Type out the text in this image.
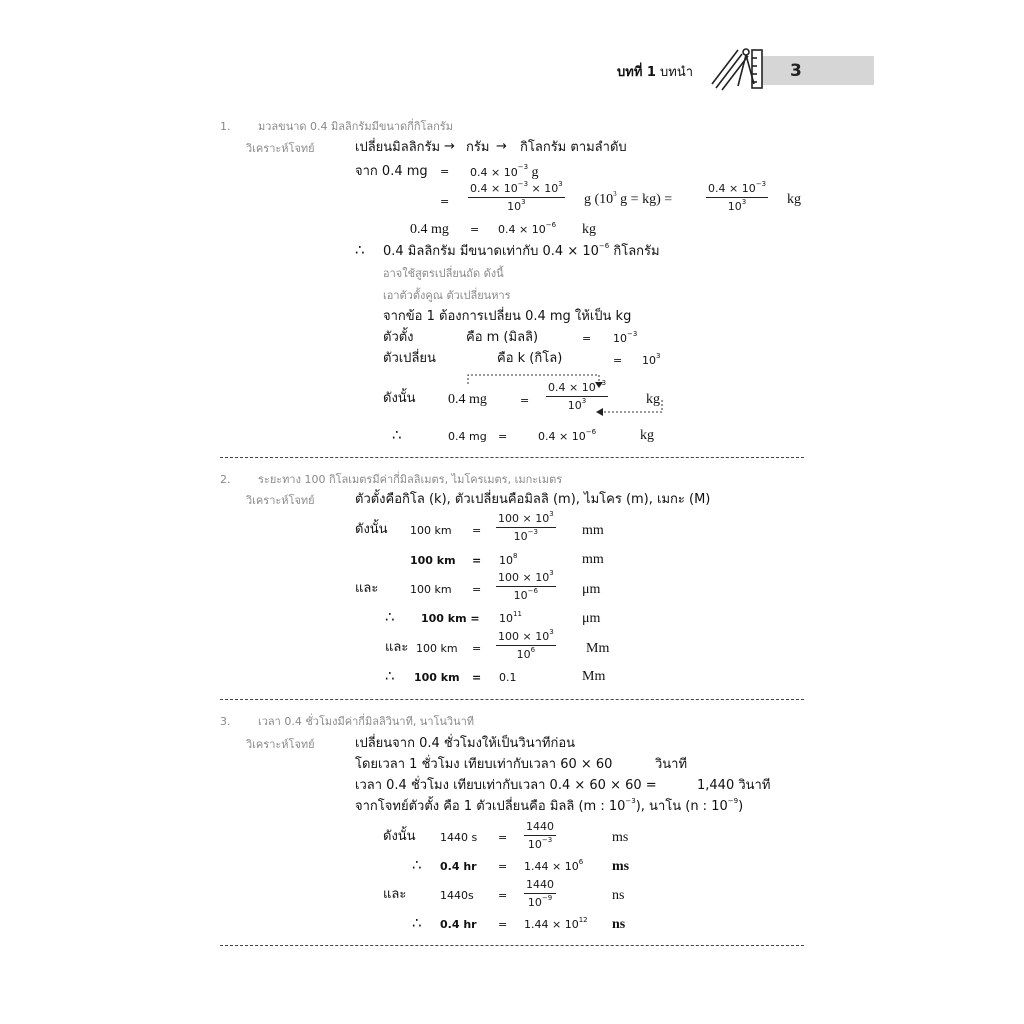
บทที่ 1 บทนำ	3
1.	มวลขนาด 0.4 มิลลิกรัมมีขนาดกี่กิโลกรัม
วิเคราะห์โจทย์	เปลี่ยนมิลลิกรัม → กรัม → กิโลกรัม ตามลำดับ
จาก 0.4 mg = $0.4 \times 10^{-3}$ g
= $\frac{0.4 \times 10^{-3} \times 10^3}{10^3}$ g ($10^3$ g = kg) =	$\frac{0.4 \times 10^{-3}}{10^3}$ kg
0.4 mg = $0.4 \times 10^{-6}$ kg
∴ 0.4 มิลลิกรัม มีขนาดเท่ากับ $0.4 \times 10^{-6}$ กิโลกรัม
อาจใช้สูตรเปลี่ยนถัด ดังนี้
เอาตัวตั้งคูณ ตัวเปลี่ยนหาร
จากข้อ 1 ต้องการเปลี่ยน 0.4 mg ให้เป็น kg
ตัวตั้ง	คือ m (มิลลิ)	= $10^{-3}$
ตัวเปลี่ยน	คือ k (กิโล)	= $10^3$
ดังนั้น 0.4 mg	= $\frac{0.4 \times 10^{-3}}{10^3}$	kg
∴	0.4 mg =	$0.4 \times 10^{-6}$	kg
2.	ระยะทาง 100 กิโลเมตรมีค่ากี่มิลลิเมตร, ไมโครเมตร, เมกะเมตร
วิเคราะห์โจทย์	ตัวตั้งคือกิโล (k), ตัวเปลี่ยนคือมิลลิ (m), ไมโคร (m), เมกะ (M)
ดังนั้น 100 km = $\frac{100 \times 10^3}{10^{-3}}$ mm
100 km = $10^8$	mm
และ	100 km = $\frac{100 \times 10^3}{10^{-6}}$ μm
∴ 100 km = $10^{11}$	μm
และ 100 km = $\frac{100 \times 10^3}{10^6}$ Mm
∴ 100 km = 0.1	Mm
3.	เวลา 0.4 ชั่วโมงมีค่ากี่มิลลิวินาที, นาโนวินาที
วิเคราะห์โจทย์	เปลี่ยนจาก 0.4 ชั่วโมงให้เป็นวินาทีก่อน
โดยเวลา 1 ชั่วโมง เทียบเท่ากับเวลา 60 × 60	วินาที
เวลา 0.4 ชั่วโมง เทียบเท่ากับเวลา 0.4 × 60 × 60 =	1,440 วินาที
จากโจทย์ตัวตั้ง คือ 1 ตัวเปลี่ยนคือ มิลลิ (m : $10^{-3}$), นาโน (n : $10^{-9}$)
ดังนั้น 1440 $s = \frac{1440}{10^{-3}}$	ms
∴ 0.4 hr = $1.44 \times 10^6$ ms
และ	$1440s = \frac{1440}{10^{-9}}$	ns
∴ 0.4 hr = $1.44 \times 10^{12}$ ns
